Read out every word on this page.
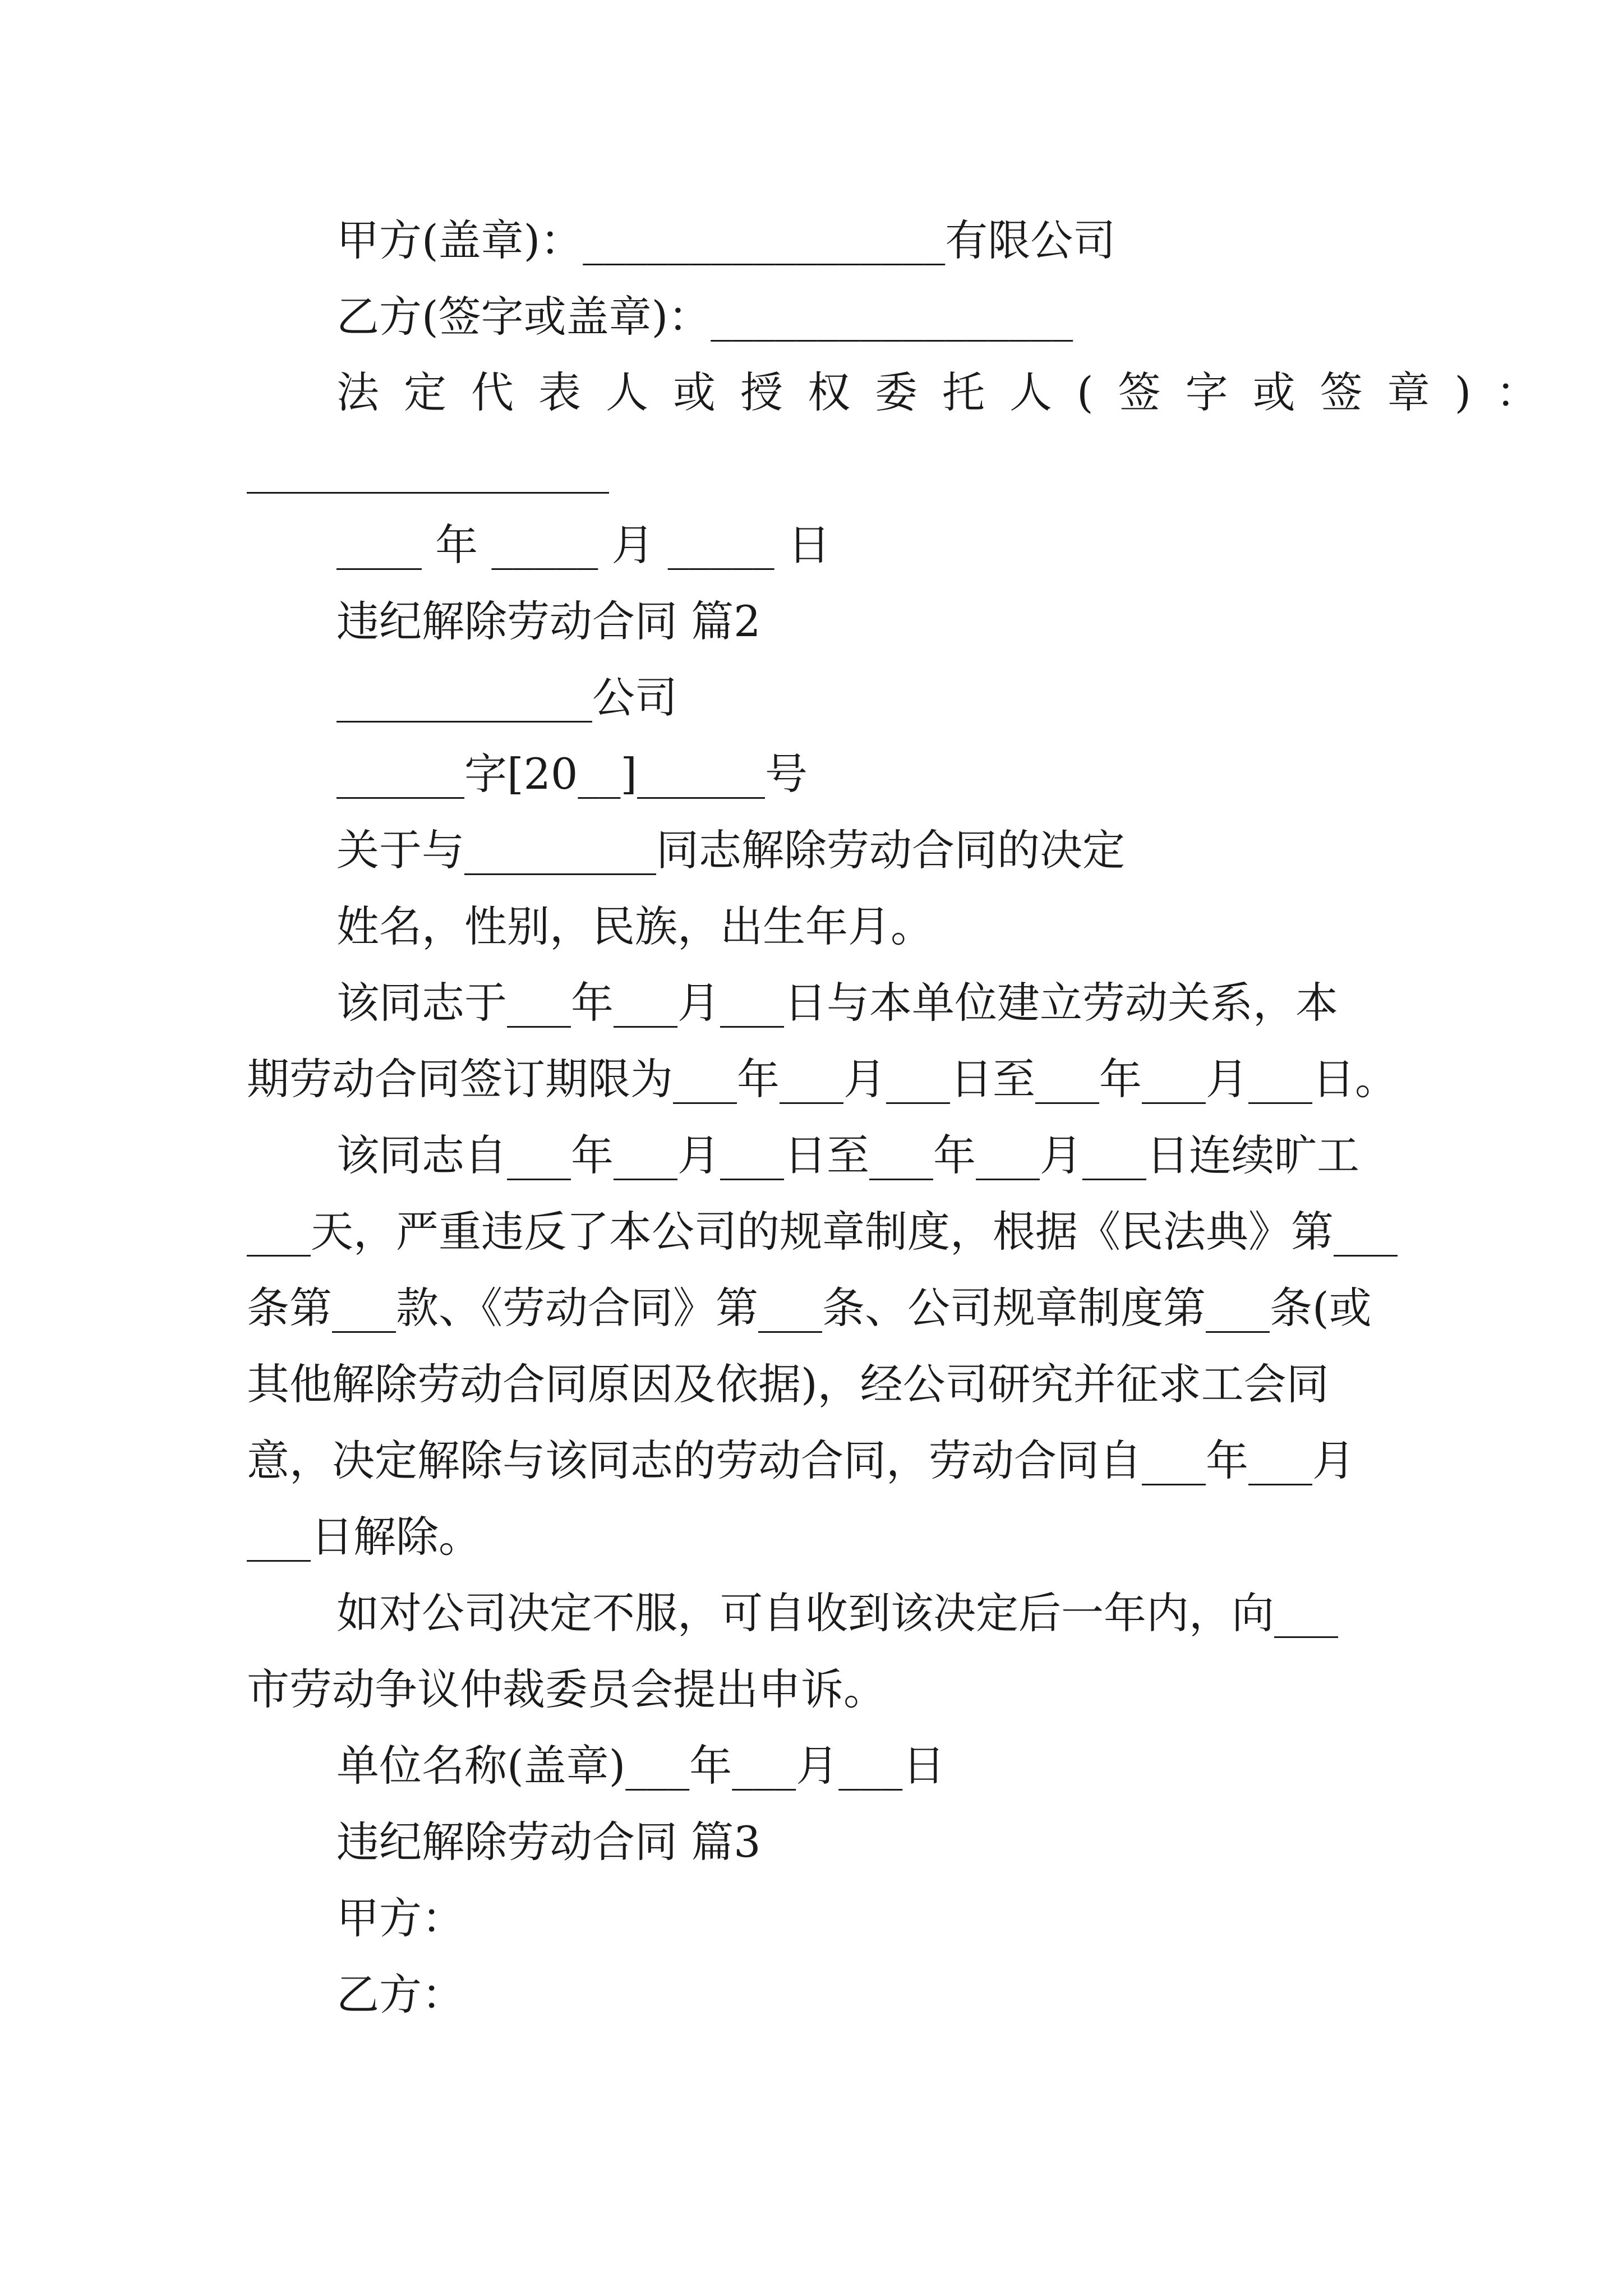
甲方(盖章)：_________________有限公司
乙方(签字或盖章)：_________________
法定代表人或授权委托人(签字或签章)：
_________________
____ 年 _____ 月 _____ 日
违纪解除劳动合同 篇2
____________公司
______字[20__]______号
关于与_________同志解除劳动合同的决定
姓名，性别，民族，出生年月。
该同志于___年___月___日与本单位建立劳动关系，本
期劳动合同签订期限为___年___月___日至___年___月___日。
该同志自___年___月___日至___年___月___日连续旷工
___天，严重违反了本公司的规章制度，根据《民法典》第___
条第___款、《劳动合同》第___条、公司规章制度第___条(或
其他解除劳动合同原因及依据)，经公司研究并征求工会同
意，决定解除与该同志的劳动合同，劳动合同自___年___月
___日解除。
如对公司决定不服，可自收到该决定后一年内，向___
市劳动争议仲裁委员会提出申诉。
单位名称(盖章)___年___月___日
违纪解除劳动合同 篇3
甲方：
乙方：
